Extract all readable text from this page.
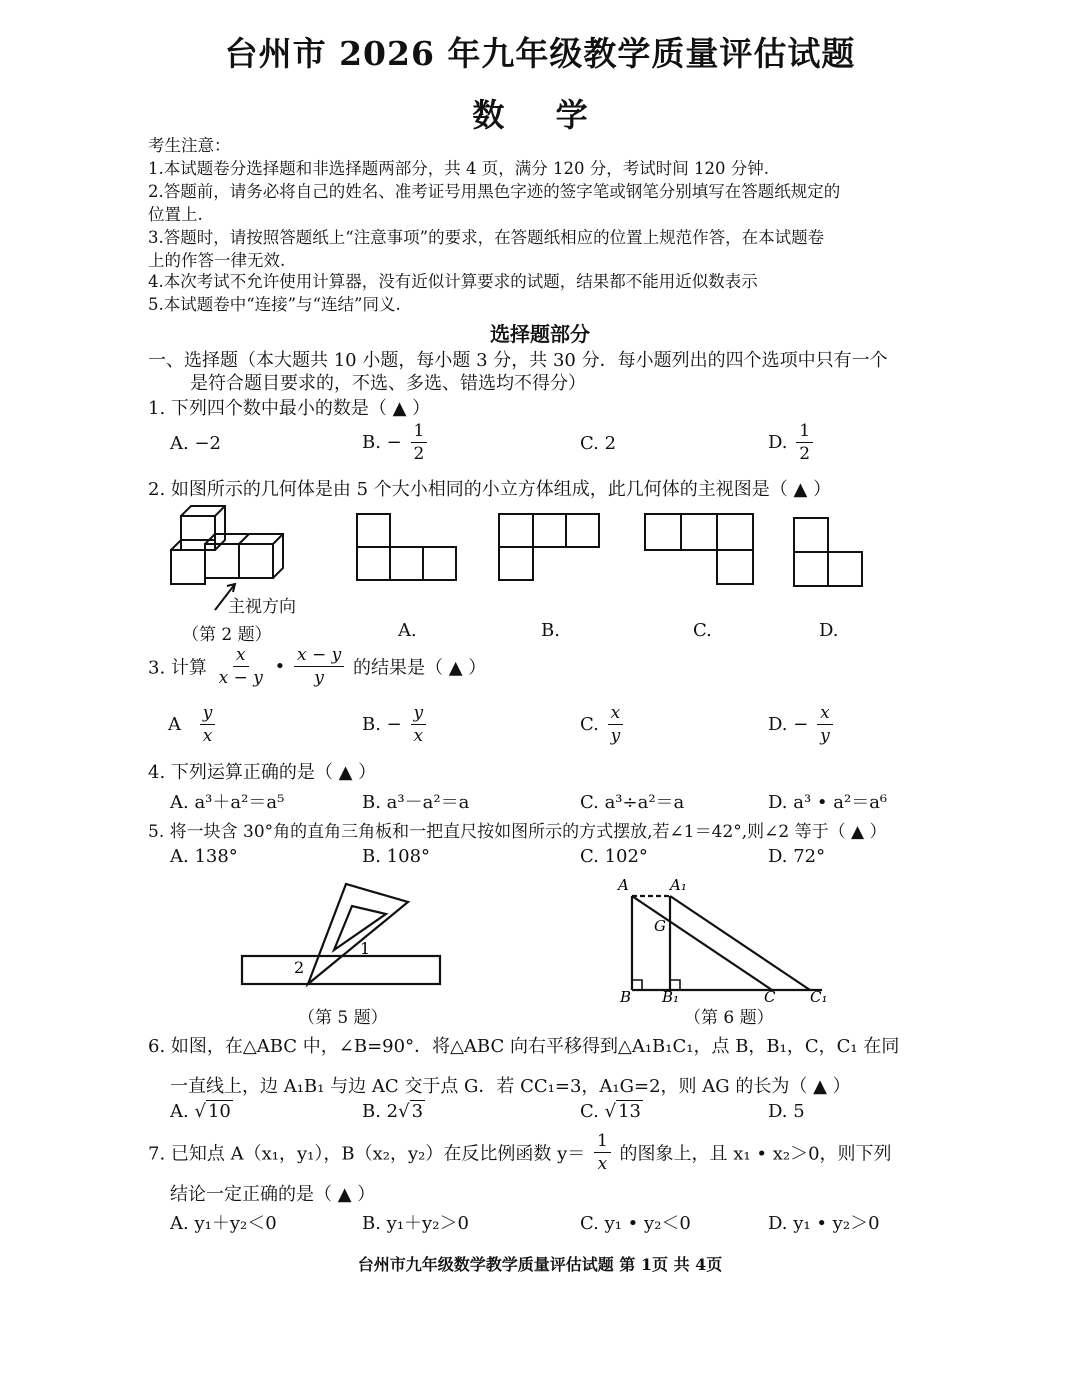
台州市 2026 年九年级教学质量评估试题
数 学
考生注意：
1.本试题卷分选择题和非选择题两部分，共 4 页，满分 120 分，考试时间 120 分钟.
2.答题前，请务必将自己的姓名、准考证号用黑色字迹的签字笔或钢笔分别填写在答题纸规定的
位置上.
3.答题时，请按照答题纸上“注意事项”的要求，在答题纸相应的位置上规范作答，在本试题卷
上的作答一律无效.
4.本次考试不允许使用计算器，没有近似计算要求的试题，结果都不能用近似数表示
5.本试题卷中“连接”与“连结”同义.
选择题部分
一、选择题（本大题共 10 小题，每小题 3 分，共 30 分．每小题列出的四个选项中只有一个
是符合题目要求的，不选、多选、错选均不得分）
1. 下列四个数中最小的数是（ ▲ ）
A. −2	B. − $\frac{1}{2}$	C. 2	D. $\frac{1}{2}$
2. 如图所示的几何体是由 5 个大小相同的小立方体组成，此几何体的主视图是（ ▲ ）
主视方向
（第 2 题）	A.	B.	C.	D.
3. 计算 $\frac{x}{x - y}$ • $\frac{x - y}{y}$ 的结果是（ ▲ ）
A $\frac{y}{x}$	B. − $\frac{y}{x}$	C. $\frac{x}{y}$	D. − $\frac{x}{y}$
4. 下列运算正确的是（ ▲ ）
A. a³＋a²＝a⁵	B. a³－a²＝a	C. a³÷a²＝a	D. a³ • a²＝a⁶
5. 将一块含 30°角的直角三角板和一把直尺按如图所示的方式摆放,若∠1＝42°,则∠2 等于（ ▲ ）
A. 138°	B. 108°	C. 102°	D. 72°
1
2
（第 5 题）
A	A₁
G
B B₁	C C₁
（第 6 题）
6. 如图，在△ABC 中，∠B=90°．将△ABC 向右平移得到△A₁B₁C₁，点 B，B₁，C，C₁ 在同
一直线上，边 A₁B₁ 与边 AC 交于点 G．若 CC₁=3，A₁G=2，则 AG 的长为（ ▲ ）
A. √ 10	B. 2√ 3	C. √ 13	D. 5
7. 已知点 A（x₁，y₁），B（x₂，y₂）在反比例函数 $y= \frac{1}{x}$ 的图象上，且 x₁ • x₂＞0，则下列
结论一定正确的是（ ▲ ）
A. y₁＋y₂＜0	B. y₁＋y₂＞0	C. y₁ • y₂＜0	D. y₁ • y₂＞0
台州市九年级数学教学质量评估试题 第 1页 共 4页
